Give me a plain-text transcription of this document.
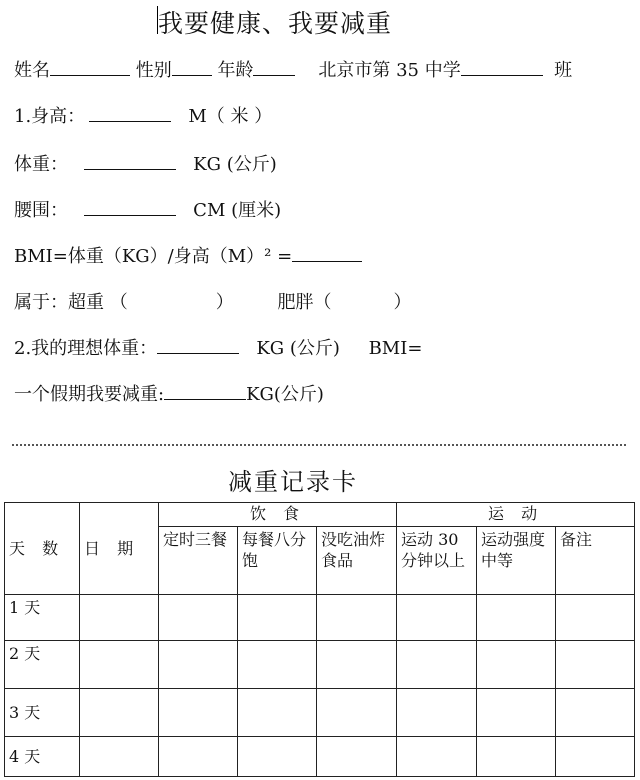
我要健康、我要减重
姓名	性别	年龄	北京市第 35 中学	班
1.身高：	M（ 米 ）
体重：	KG (公斤)
腰围：	CM (厘米)
BMI=体重（KG）/身高（M）² =
属于：超重 （	） 肥胖（	）
2.我的理想体重：	KG (公斤) BMI=
一个假期我要减重:	KG(公斤)
减重记录卡
天 数	日 期	饮 食			运 动		
		定时三餐	每餐八分饱	没吃油炸食品	运动 30 分钟以上	运动强度中等	备注
1 天							
2 天							
3 天							
4 天							
